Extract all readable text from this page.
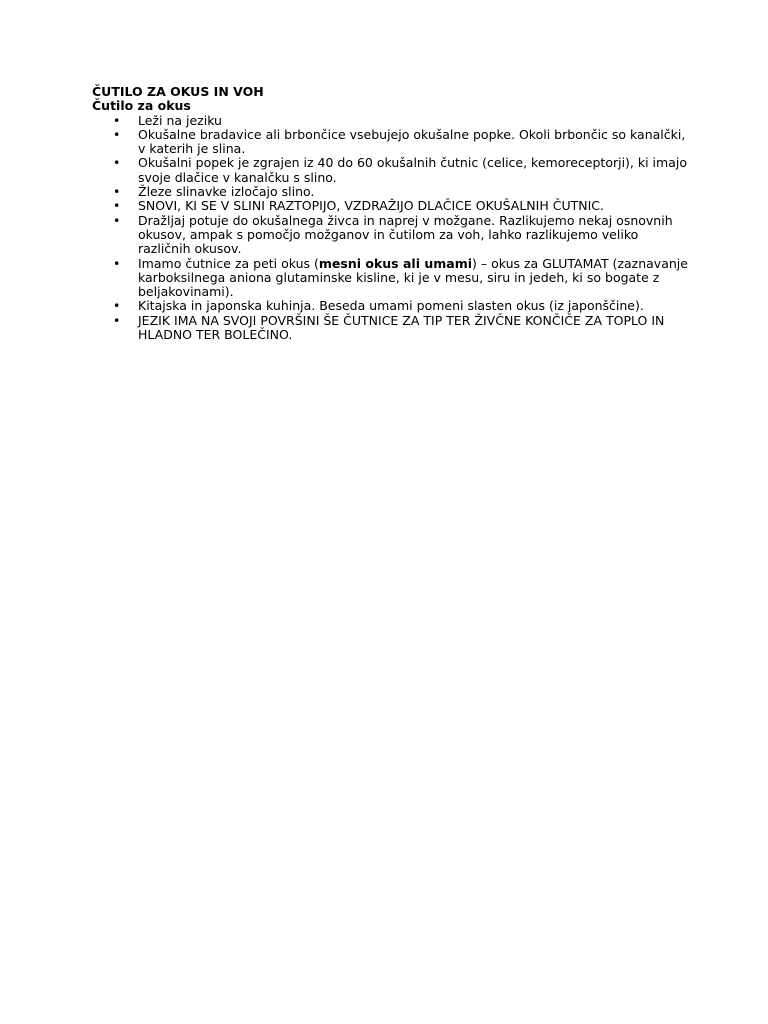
ČUTILO ZA OKUS IN VOH
Čutilo za okus
• Leži na jeziku
• Okušalne bradavice ali brbončice vsebujejo okušalne popke. Okoli brbončic so kanalčki, v katerih je slina.
• Okušalni popek je zgrajen iz 40 do 60 okušalnih čutnic (celice, kemoreceptorji), ki imajo svoje dlačice v kanalčku s slino.
• Žleze slinavke izločajo slino.
• SNOVI, KI SE V SLINI RAZTOPIJO, VZDRAŽIJO DLAČICE OKUŠALNIH ČUTNIC.
• Dražljaj potuje do okušalnega živca in naprej v možgane. Razlikujemo nekaj osnovnih okusov, ampak s pomočjo možganov in čutilom za voh, lahko razlikujemo veliko različnih okusov.
• Imamo čutnice za peti okus (mesni okus ali umami) – okus za GLUTAMAT (zaznavanje karboksilnega aniona glutaminske kisline, ki je v mesu, siru in jedeh, ki so bogate z beljakovinami).
• Kitajska in japonska kuhinja. Beseda umami pomeni slasten okus (iz japonščine).
• JEZIK IMA NA SVOJI POVRŠINI ŠE ČUTNICE ZA TIP TER ŽIVČNE KONČIČE ZA TOPLO IN HLADNO TER BOLEČINO.
